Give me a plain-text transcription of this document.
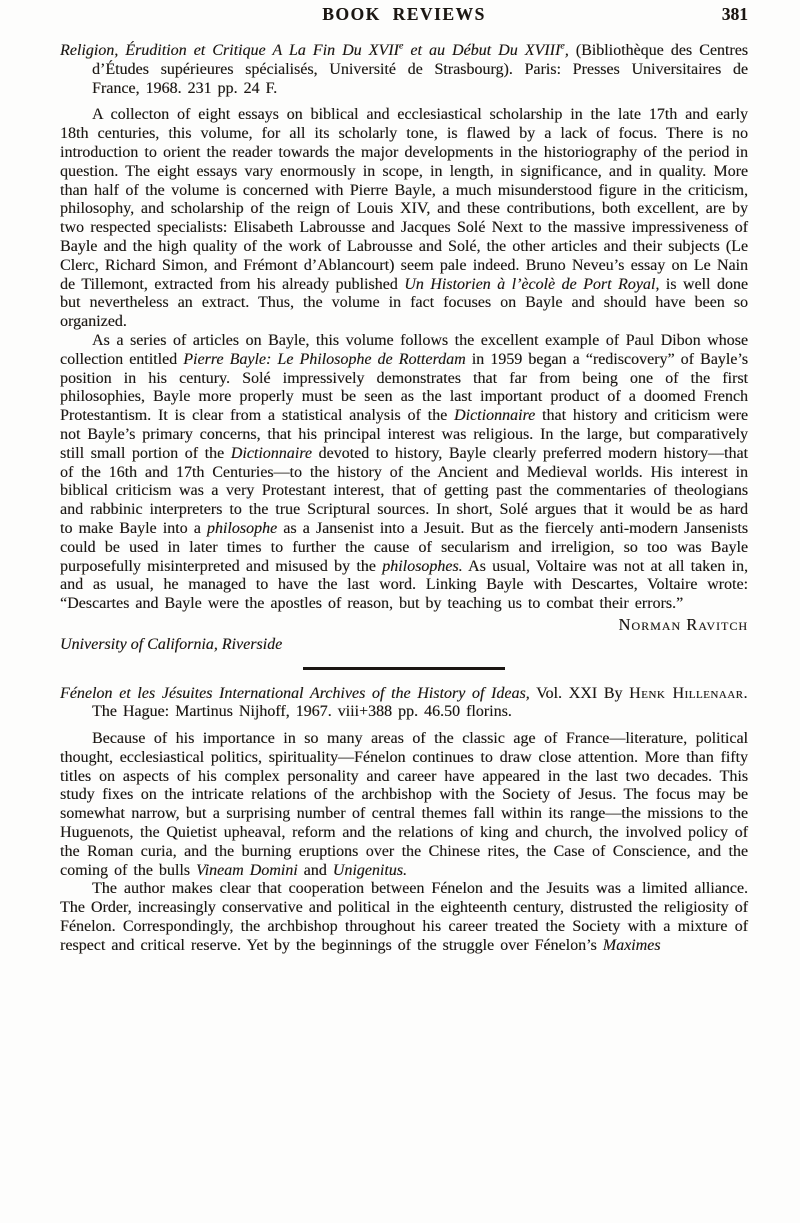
BOOK REVIEWS	381

Religion, Érudition et Critique A La Fin Du XVIIe et au Début Du XVIIIe, (Bibliothèque des Centres d’Études supérieures spécialisés, Université de Strasbourg). Paris: Presses Universitaires de France, 1968. 231 pp. 24 F.

A collecton of eight essays on biblical and ecclesiastical scholarship in the late 17th and early 18th centuries, this volume, for all its scholarly tone, is flawed by a lack of focus. There is no introduction to orient the reader towards the major developments in the historiography of the period in question. The eight essays vary enormously in scope, in length, in significance, and in quality. More than half of the volume is concerned with Pierre Bayle, a much misunderstood figure in the criticism, philosophy, and scholarship of the reign of Louis XIV, and these contributions, both excellent, are by two respected specialists: Elisabeth Labrousse and Jacques Solé Next to the massive impressiveness of Bayle and the high quality of the work of Labrousse and Solé, the other articles and their subjects (Le Clerc, Richard Simon, and Frémont d’Ablancourt) seem pale indeed. Bruno Neveu’s essay on Le Nain de Tillemont, extracted from his already published Un Historien à l’ècolè de Port Royal, is well done but nevertheless an extract. Thus, the volume in fact focuses on Bayle and should have been so organized.

As a series of articles on Bayle, this volume follows the excellent example of Paul Dibon whose collection entitled Pierre Bayle: Le Philosophe de Rotterdam in 1959 began a “rediscovery” of Bayle’s position in his century. Solé impressively demonstrates that far from being one of the first philosophies, Bayle more properly must be seen as the last important product of a doomed French Protestantism. It is clear from a statistical analysis of the Dictionnaire that history and criticism were not Bayle’s primary concerns, that his principal interest was religious. In the large, but comparatively still small portion of the Dictionnaire devoted to history, Bayle clearly preferred modern history—that of the 16th and 17th Centuries—to the history of the Ancient and Medieval worlds. His interest in biblical criticism was a very Protestant interest, that of getting past the commentaries of theologians and rabbinic interpreters to the true Scriptural sources. In short, Solé argues that it would be as hard to make Bayle into a philosophe as a Jansenist into a Jesuit. But as the fiercely anti-modern Jansenists could be used in later times to further the cause of secularism and irreligion, so too was Bayle purposefully misinterpreted and misused by the philosophes. As usual, Voltaire was not at all taken in, and as usual, he managed to have the last word. Linking Bayle with Descartes, Voltaire wrote: “Descartes and Bayle were the apostles of reason, but by teaching us to combat their errors.”

Norman Ravitch
University of California, Riverside

Fénelon et les Jésuites International Archives of the History of Ideas, Vol. XXI By Henk Hillenaar. The Hague: Martinus Nijhoff, 1967. viii+388 pp. 46.50 florins.

Because of his importance in so many areas of the classic age of France—literature, political thought, ecclesiastical politics, spirituality—Fénelon continues to draw close attention. More than fifty titles on aspects of his complex personality and career have appeared in the last two decades. This study fixes on the intricate relations of the archbishop with the Society of Jesus. The focus may be somewhat narrow, but a surprising number of central themes fall within its range—the missions to the Huguenots, the Quietist upheaval, reform and the relations of king and church, the involved policy of the Roman curia, and the burning eruptions over the Chinese rites, the Case of Conscience, and the coming of the bulls Vineam Domini and Unigenitus.

The author makes clear that cooperation between Fénelon and the Jesuits was a limited alliance. The Order, increasingly conservative and political in the eighteenth century, distrusted the religiosity of Fénelon. Correspondingly, the archbishop throughout his career treated the Society with a mixture of respect and critical reserve. Yet by the beginnings of the struggle over Fénelon’s Maximes
